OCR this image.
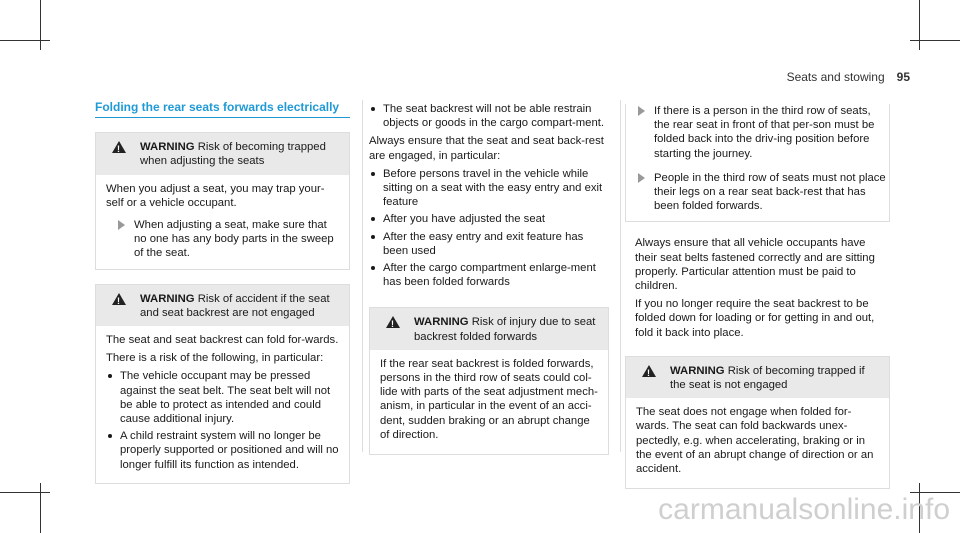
Seats and stowing 95
Folding the rear seats forwards electrically
!
WARNING Risk of becoming trapped when adjusting the seats

When you adjust a seat, you may trap your-self or a vehicle occupant.

When adjusting a seat, make sure that no one has any body parts in the sweep of the seat.
!
WARNING Risk of accident if the seat and seat backrest are not engaged

The seat and seat backrest can fold for-wards.

There is a risk of the following, in particular:

The vehicle occupant may be pressed against the seat belt. The seat belt will not be able to protect as intended and could cause additional injury.
A child restraint system will no longer be properly supported or positioned and will no longer fulfill its function as intended.
The seat backrest will not be able restrain objects or goods in the cargo compart-ment.

Always ensure that the seat and seat back-rest are engaged, in particular:

Before persons travel in the vehicle while sitting on a seat with the easy entry and exit feature
After you have adjusted the seat
After the easy entry and exit feature has been used
After the cargo compartment enlarge-ment has been folded forwards
!
WARNING Risk of injury due to seat backrest folded forwards

If the rear seat backrest is folded forwards, persons in the third row of seats could col-lide with parts of the seat adjustment mech-anism, in particular in the event of an acci-dent, sudden braking or an abrupt change of direction.

If there is a person in the third row of seats, the rear seat in front of that per-son must be folded back into the driv-ing position before starting the journey.
People in the third row of seats must not place their legs on a rear seat back-rest that has been folded forwards.

Always ensure that all vehicle occupants have their seat belts fastened correctly and are sitting properly. Particular attention must be paid to children.

If you no longer require the seat backrest to be folded down for loading or for getting in and out, fold it back into place.

!
WARNING Risk of becoming trapped if the seat is not engaged

The seat does not engage when folded for-wards. The seat can fold backwards unex-pectedly, e.g. when accelerating, braking or in the event of an abrupt change of direction or an accident.

carmanualsonline.info
